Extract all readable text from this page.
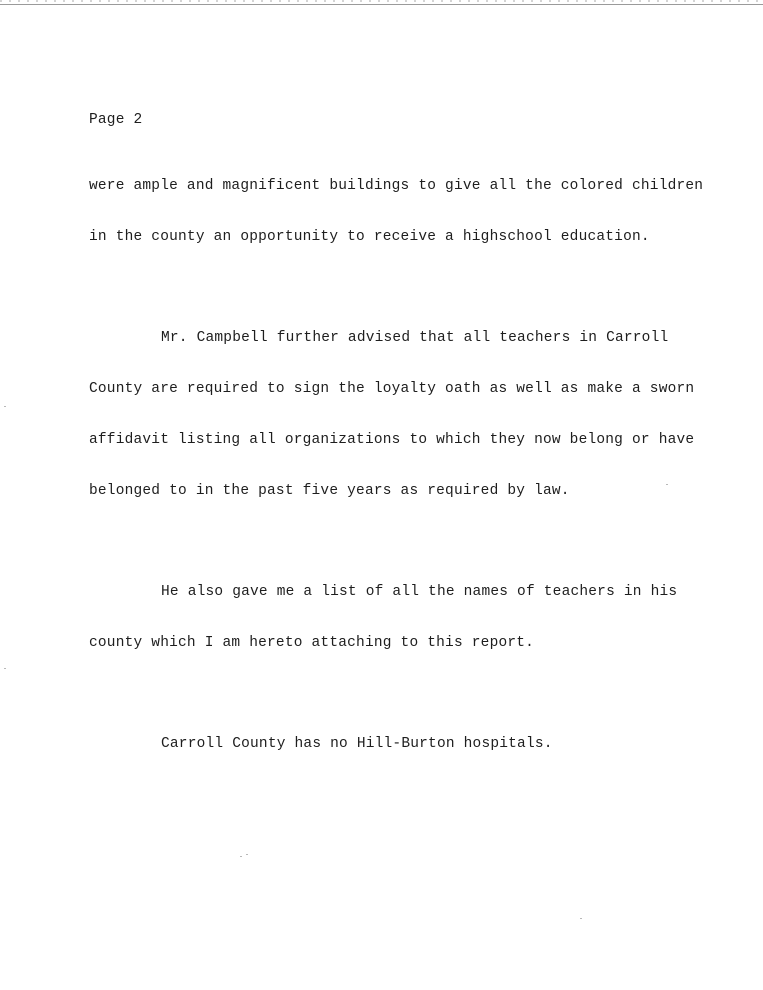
Page 2

were ample and magnificent buildings to give all the colored children

in the county an opportunity to receive a highschool education.

Mr. Campbell further advised that all teachers in Carroll

County are required to sign the loyalty oath as well as make a sworn

affidavit listing all organizations to which they now belong or have

belonged to in the past five years as required by law.

He also gave me a list of all the names of teachers in his

county which I am hereto attaching to this report.

Carroll County has no Hill-Burton hospitals.
